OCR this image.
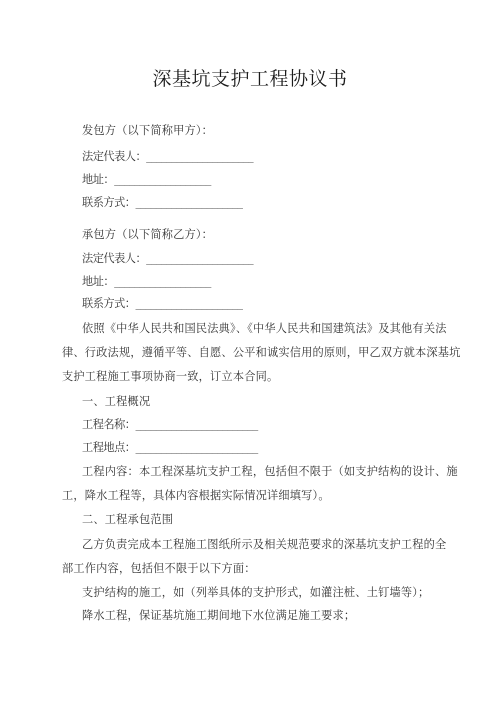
深基坑支护工程协议书
发包方（以下简称甲方）：
法定代表人：_____________________
地址：___________________
联系方式：_____________________
承包方（以下简称乙方）：
法定代表人：_____________________
地址：___________________
联系方式：_____________________
依照《中华人民共和国民法典》、《中华人民共和国建筑法》及其他有关法
律、行政法规，遵循平等、自愿、公平和诚实信用的原则，甲乙双方就本深基坑
支护工程施工事项协商一致，订立本合同。
一、工程概况
工程名称：________________________
工程地点：________________________
工程内容：本工程深基坑支护工程，包括但不限于（如支护结构的设计、施
工，降水工程等，具体内容根据实际情况详细填写）。
二、工程承包范围
乙方负责完成本工程施工图纸所示及相关规范要求的深基坑支护工程的全
部工作内容，包括但不限于以下方面：
支护结构的施工，如（列举具体的支护形式，如灌注桩、土钉墙等）；
降水工程，保证基坑施工期间地下水位满足施工要求；
